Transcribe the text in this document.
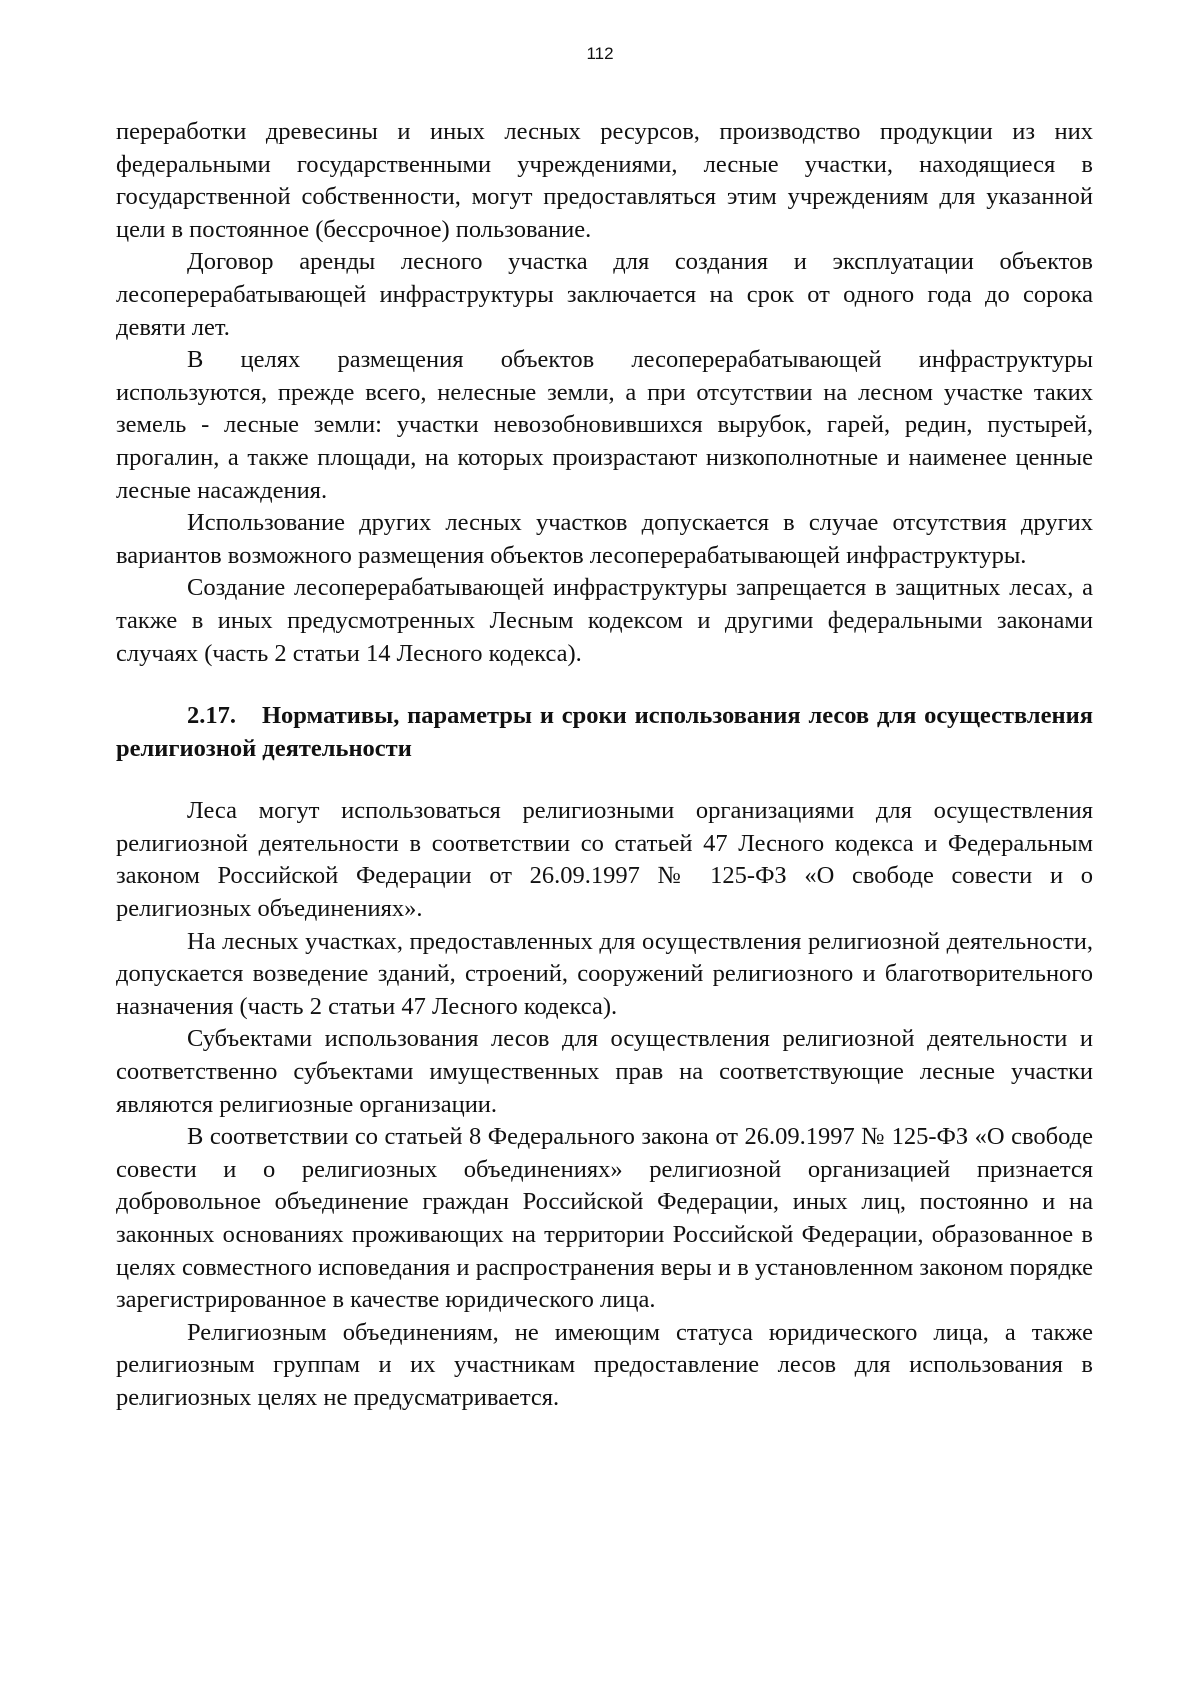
112

переработки древесины и иных лесных ресурсов, производство продукции из них федеральными государственными учреждениями, лесные участки, находящиеся в государственной собственности, могут предоставляться этим учреждениям для указанной цели в постоянное (бессрочное) пользование.

Договор аренды лесного участка для создания и эксплуатации объектов лесоперерабатывающей инфраструктуры заключается на срок от одного года до сорока девяти лет.

В целях размещения объектов лесоперерабатывающей инфраструктуры используются, прежде всего, нелесные земли, а при отсутствии на лесном участке таких земель - лесные земли: участки невозобновившихся вырубок, гарей, редин, пустырей, прогалин, а также площади, на которых произрастают низкополнотные и наименее ценные лесные насаждения.

Использование других лесных участков допускается в случае отсутствия других вариантов возможного размещения объектов лесоперерабатывающей инфраструктуры.

Создание лесоперерабатывающей инфраструктуры запрещается в защитных лесах, а также в иных предусмотренных Лесным кодексом и другими федеральными законами случаях (часть 2 статьи 14 Лесного кодекса).

2.17. Нормативы, параметры и сроки использования лесов для осуществления религиозной деятельности

Леса могут использоваться религиозными организациями для осуществления религиозной деятельности в соответствии со статьей 47 Лесного кодекса и Федеральным законом Российской Федерации от 26.09.1997 № 125-ФЗ «О свободе совести и о религиозных объединениях».

На лесных участках, предоставленных для осуществления религиозной деятельности, допускается возведение зданий, строений, сооружений религиозного и благотворительного назначения (часть 2 статьи 47 Лесного кодекса).

Субъектами использования лесов для осуществления религиозной деятельности и соответственно субъектами имущественных прав на соответствующие лесные участки являются религиозные организации.

В соответствии со статьей 8 Федерального закона от 26.09.1997 № 125-ФЗ «О свободе совести и о религиозных объединениях» религиозной организацией признается добровольное объединение граждан Российской Федерации, иных лиц, постоянно и на законных основаниях проживающих на территории Российской Федерации, образованное в целях совместного исповедания и распространения веры и в установленном законом порядке зарегистрированное в качестве юридического лица.

Религиозным объединениям, не имеющим статуса юридического лица, а также религиозным группам и их участникам предоставление лесов для использования в религиозных целях не предусматривается.
